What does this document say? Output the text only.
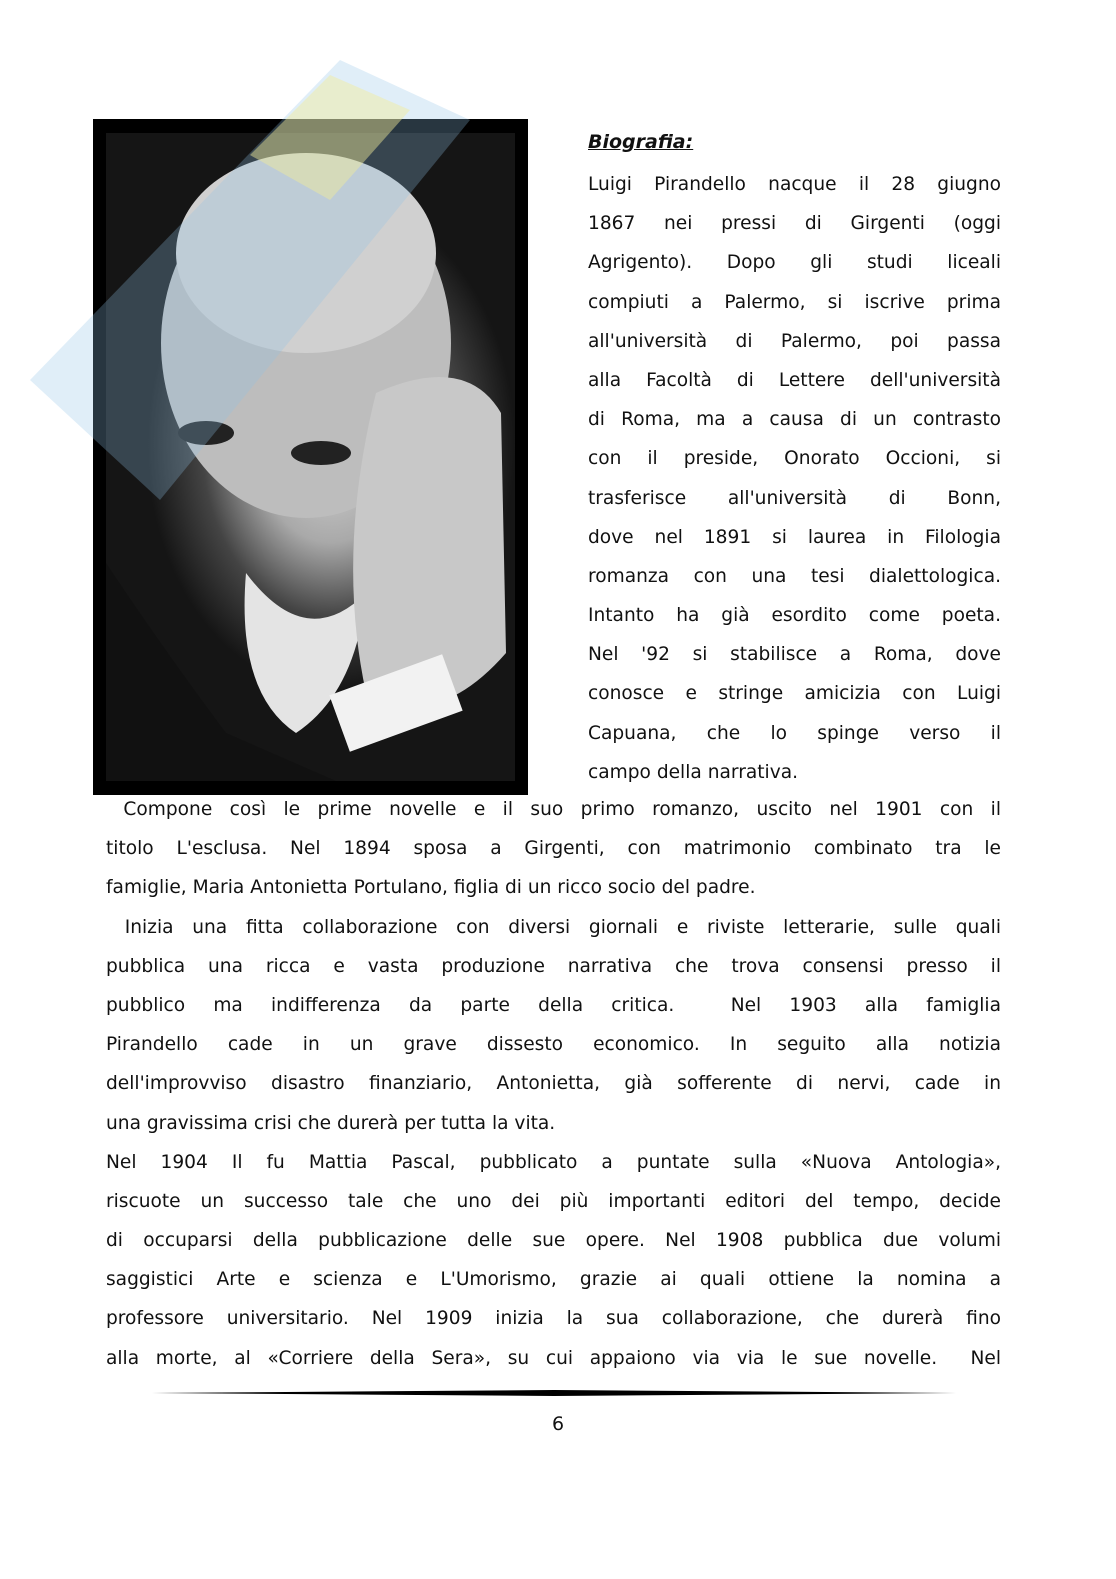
Biografia:
Luigi Pirandello nacque il 28 giugno
1867 nei pressi di Girgenti (oggi
Agrigento). Dopo gli studi liceali
compiuti a Palermo, si iscrive prima
all'università di Palermo, poi passa
alla Facoltà di Lettere dell'università
di Roma, ma a causa di un contrasto
con il preside, Onorato Occioni, si
trasferisce all'università di Bonn,
dove nel 1891 si laurea in Filologia
romanza con una tesi dialettologica.
Intanto ha già esordito come poeta.
Nel '92 si stabilisce a Roma, dove
conosce e stringe amicizia con Luigi
Capuana, che lo spinge verso il
campo della narrativa.
Compone così le prime novelle e il suo primo romanzo, uscito nel 1901 con il
titolo L'esclusa. Nel 1894 sposa a Girgenti, con matrimonio combinato tra le
famiglie, Maria Antonietta Portulano, figlia di un ricco socio del padre.
Inizia una fitta collaborazione con diversi giornali e riviste letterarie, sulle quali
pubblica una ricca e vasta produzione narrativa che trova consensi presso il
pubblico ma indifferenza da parte della critica.  Nel 1903 alla famiglia
Pirandello cade in un grave dissesto economico. In seguito alla notizia
dell'improvviso disastro finanziario, Antonietta, già sofferente di nervi, cade in
una gravissima crisi che durerà per tutta la vita.
Nel 1904 Il fu Mattia Pascal, pubblicato a puntate sulla «Nuova Antologia»,
riscuote un successo tale che uno dei più importanti editori del tempo, decide
di occuparsi della pubblicazione delle sue opere. Nel 1908 pubblica due volumi
saggistici Arte e scienza e L'Umorismo, grazie ai quali ottiene la nomina a
professore universitario. Nel 1909 inizia la sua collaborazione, che durerà fino
alla morte, al «Corriere della Sera», su cui appaiono via via le sue novelle.  Nel
6
